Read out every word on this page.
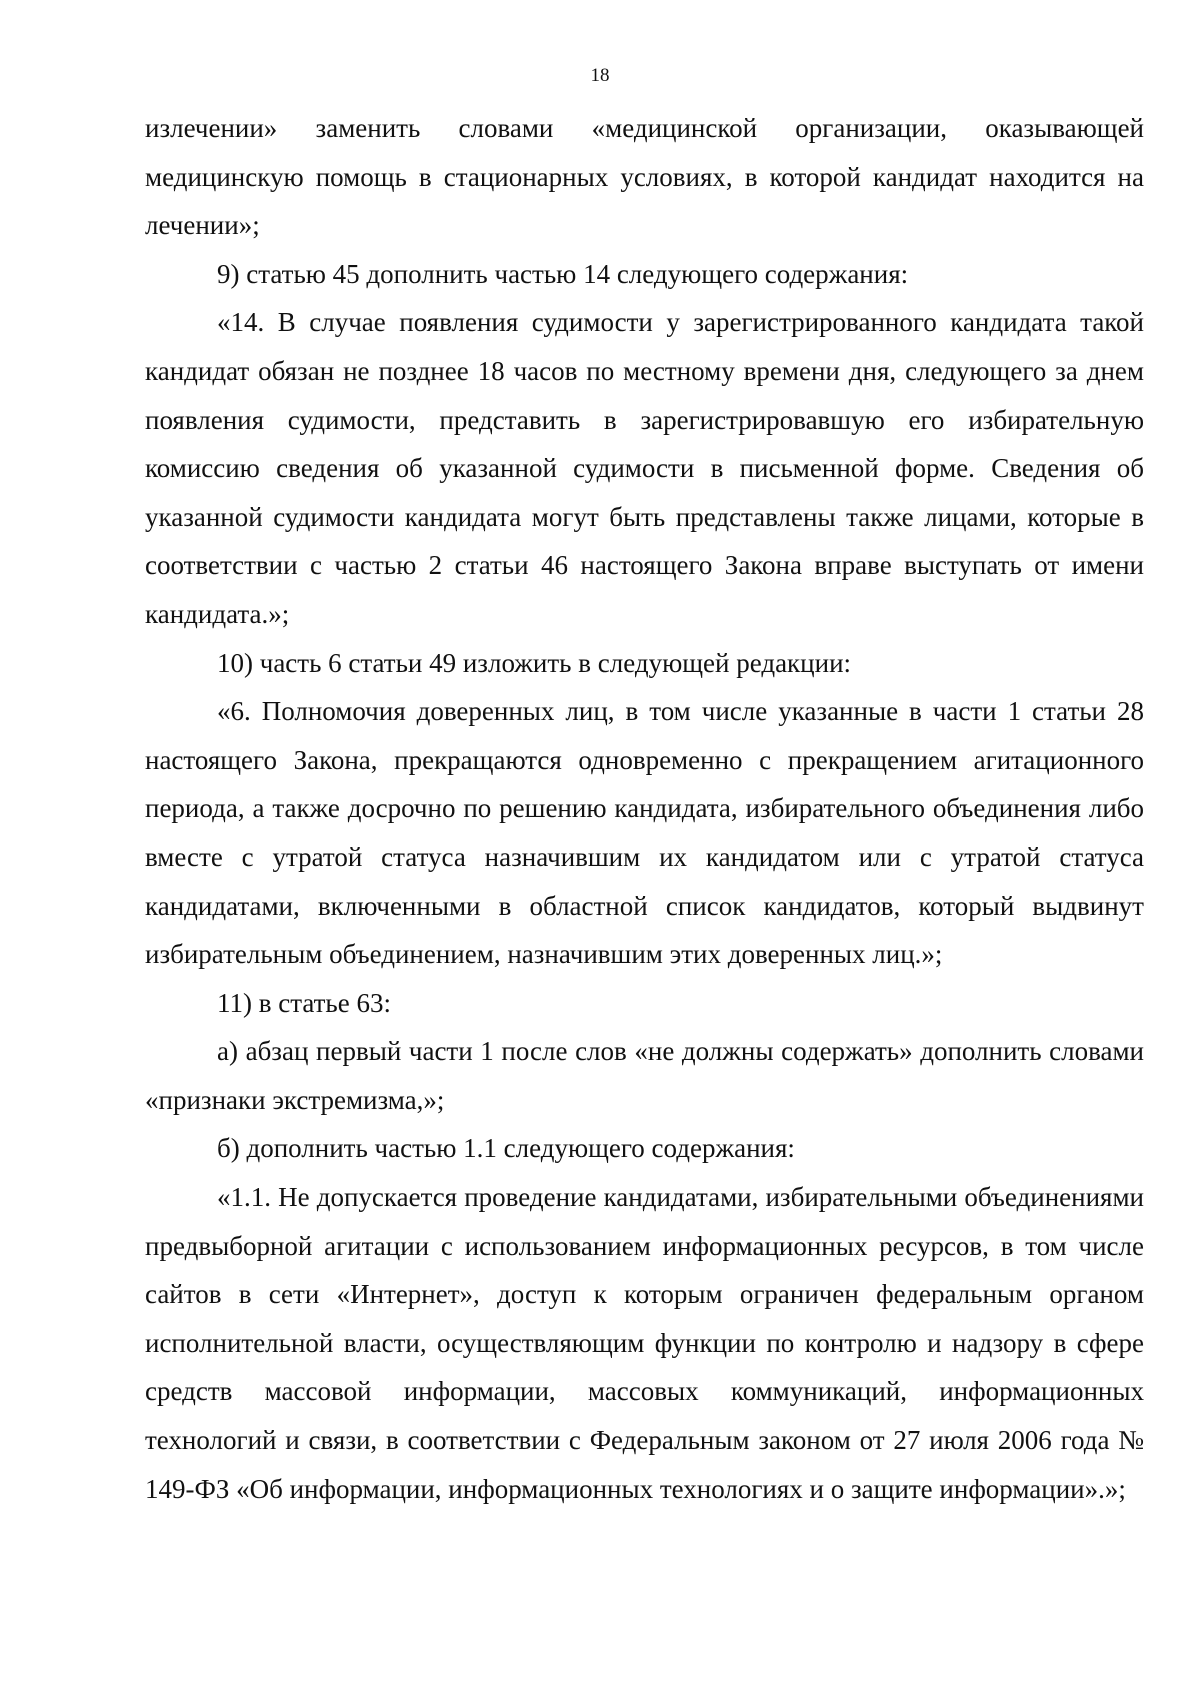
18

излечении» заменить словами «медицинской организации, оказывающей медицинскую помощь в стационарных условиях, в которой кандидат находится на лечении»;

9) статью 45 дополнить частью 14 следующего содержания:

«14. В случае появления судимости у зарегистрированного кандидата такой кандидат обязан не позднее 18 часов по местному времени дня, следующего за днем появления судимости, представить в зарегистрировавшую его избирательную комиссию сведения об указанной судимости в письменной форме. Сведения об указанной судимости кандидата могут быть представлены также лицами, которые в соответствии с частью 2 статьи 46 настоящего Закона вправе выступать от имени кандидата.»;

10) часть 6 статьи 49 изложить в следующей редакции:

«6. Полномочия доверенных лиц, в том числе указанные в части 1 статьи 28 настоящего Закона, прекращаются одновременно с прекращением агитационного периода, а также досрочно по решению кандидата, избирательного объединения либо вместе с утратой статуса назначившим их кандидатом или с утратой статуса кандидатами, включенными в областной список кандидатов, который выдвинут избирательным объединением, назначившим этих доверенных лиц.»;

11) в статье 63:

а) абзац первый части 1 после слов «не должны содержать» дополнить словами «признаки экстремизма,»;

б) дополнить частью 1.1 следующего содержания:

«1.1. Не допускается проведение кандидатами, избирательными объединениями предвыборной агитации с использованием информационных ресурсов, в том числе сайтов в сети «Интернет», доступ к которым ограничен федеральным органом исполнительной власти, осуществляющим функции по контролю и надзору в сфере средств массовой информации, массовых коммуникаций, информационных технологий и связи, в соответствии с Федеральным законом от 27 июля 2006 года № 149-ФЗ «Об информации, информационных технологиях и о защите информации».»;
